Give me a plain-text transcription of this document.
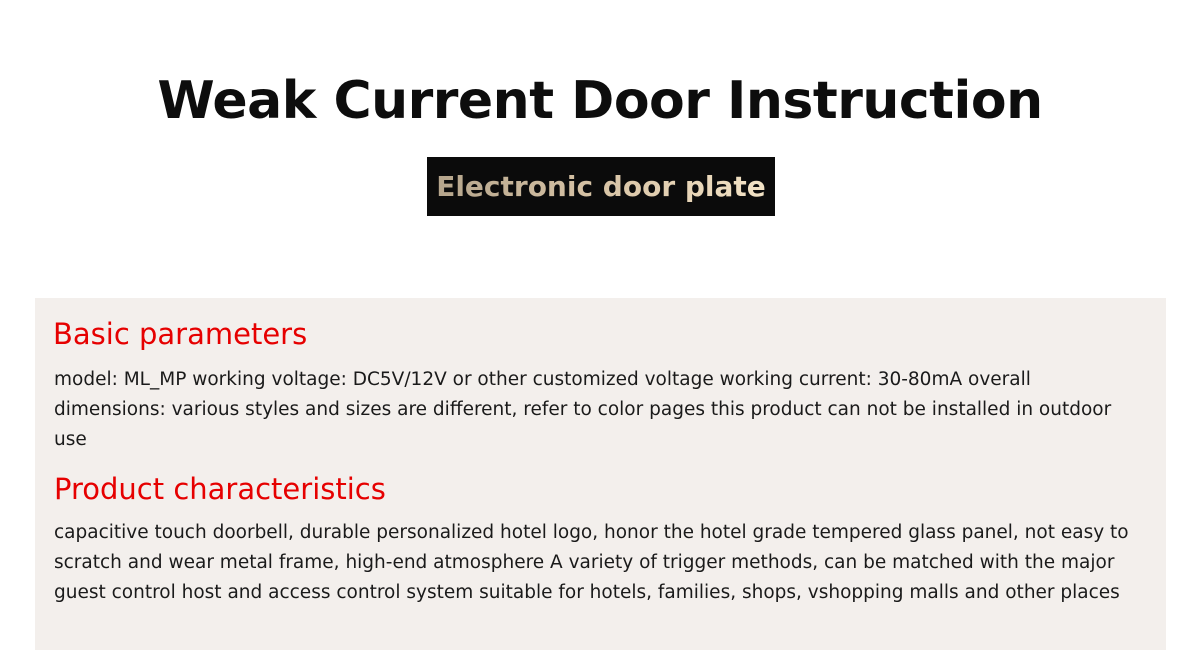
Weak Current Door Instruction
Electronic door plate
Basic parameters

model: ML_MP working voltage: DC5V/12V or other customized voltage working current: 30-80mA overall dimensions: various styles and sizes are different, refer to color pages this product can not be installed in outdoor use

Product characteristics

capacitive touch doorbell, durable personalized hotel logo, honor the hotel grade tempered glass panel, not easy to scratch and wear metal frame, high-end atmosphere A variety of trigger methods, can be matched with the major guest control host and access control system suitable for hotels, families, shops, vshopping malls and other places
